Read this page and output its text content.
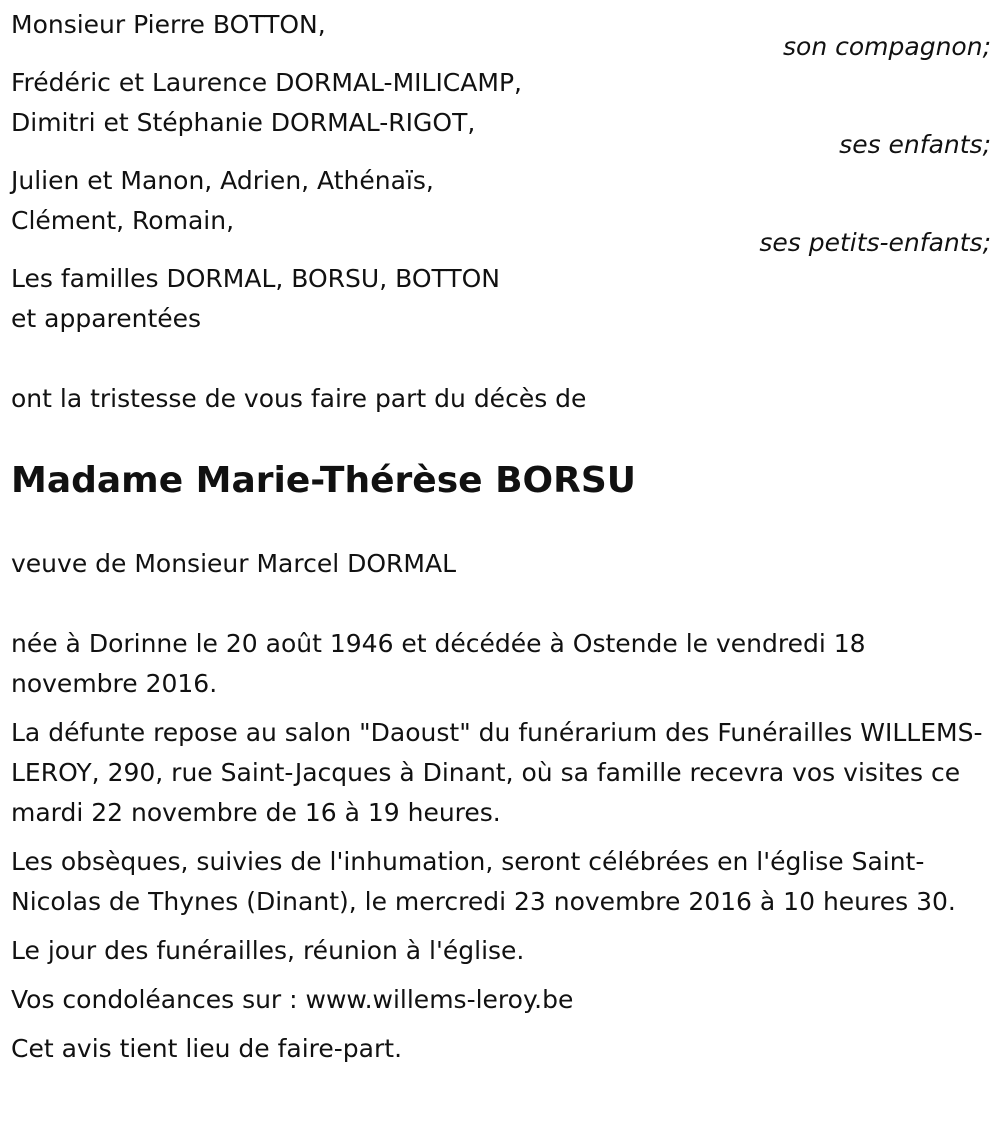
Monsieur Pierre BOTTON,
son compagnon;
Frédéric et Laurence DORMAL-MILICAMP,
Dimitri et Stéphanie DORMAL-RIGOT,
ses enfants;
Julien et Manon, Adrien, Athénaïs,
Clément, Romain,
ses petits-enfants;
Les familles DORMAL, BORSU, BOTTON
et apparentées
ont la tristesse de vous faire part du décès de
Madame Marie-Thérèse BORSU
veuve de Monsieur Marcel DORMAL
née à Dorinne le 20 août 1946 et décédée à Ostende le vendredi 18 novembre 2016.
La défunte repose au salon "Daoust" du funérarium des Funérailles WILLEMS-LEROY, 290, rue Saint-Jacques à Dinant, où sa famille recevra vos visites ce mardi 22 novembre de 16 à 19 heures.
Les obsèques, suivies de l'inhumation, seront célébrées en l'église Saint-Nicolas de Thynes (Dinant), le mercredi 23 novembre 2016 à 10 heures 30.
Le jour des funérailles, réunion à l'église.
Vos condoléances sur : www.willems-leroy.be
Cet avis tient lieu de faire-part.
